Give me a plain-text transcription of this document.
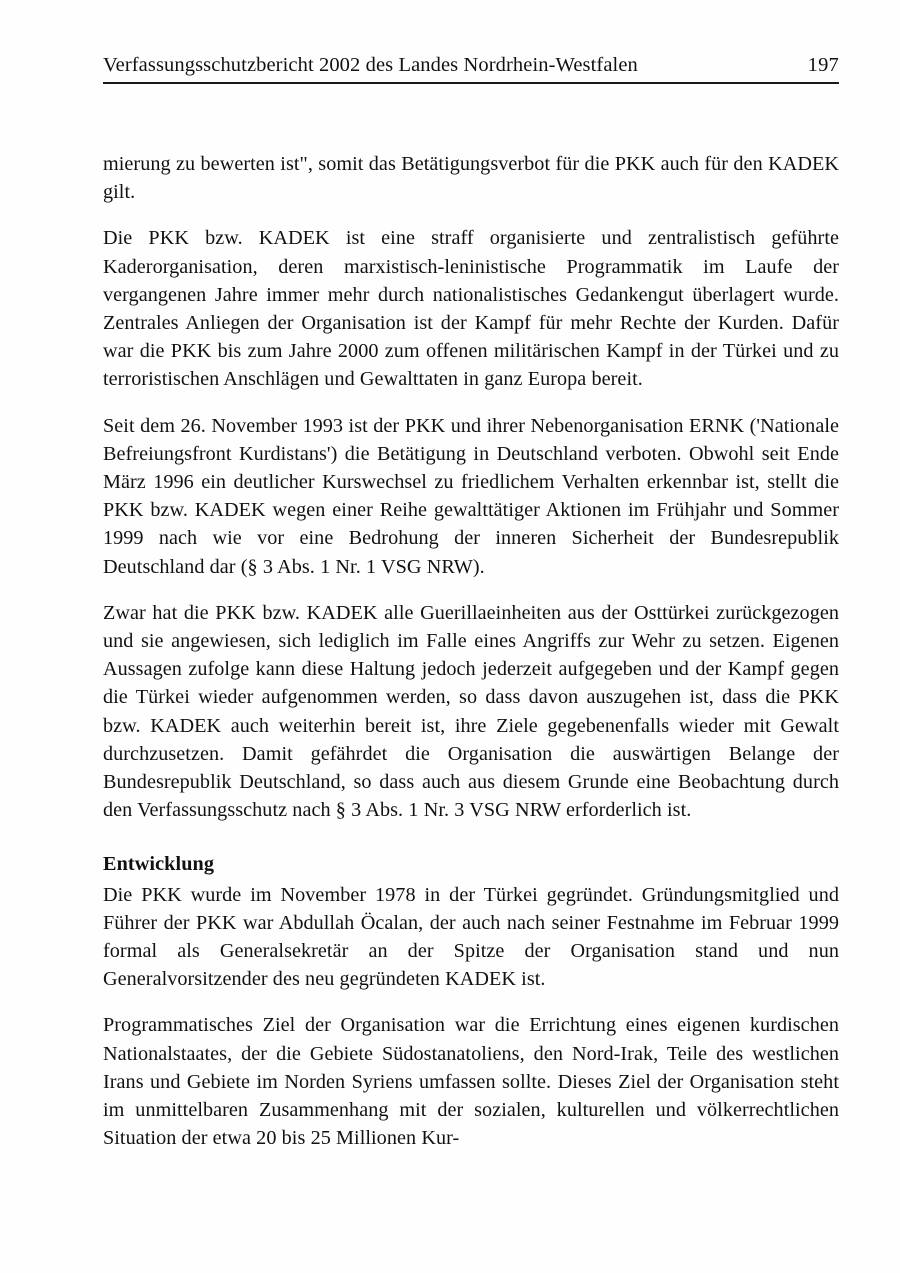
Verfassungsschutzbericht 2002 des Landes Nordrhein-Westfalen	197

mierung zu bewerten ist", somit das Betätigungsverbot für die PKK auch für den KADEK gilt.

Die PKK bzw. KADEK ist eine straff organisierte und zentralistisch geführte Kaderorganisation, deren marxistisch-leninistische Programmatik im Laufe der vergangenen Jahre immer mehr durch nationalistisches Gedankengut überlagert wurde. Zentrales Anliegen der Organisation ist der Kampf für mehr Rechte der Kurden. Dafür war die PKK bis zum Jahre 2000 zum offenen militärischen Kampf in der Türkei und zu terroristischen Anschlägen und Gewalttaten in ganz Europa bereit.

Seit dem 26. November 1993 ist der PKK und ihrer Nebenorganisation ERNK ('Nationale Befreiungsfront Kurdistans') die Betätigung in Deutschland verboten. Obwohl seit Ende März 1996 ein deutlicher Kurswechsel zu friedlichem Verhalten erkennbar ist, stellt die PKK bzw. KADEK wegen einer Reihe gewalttätiger Aktionen im Frühjahr und Sommer 1999 nach wie vor eine Bedrohung der inneren Sicherheit der Bundesrepublik Deutschland dar (§ 3 Abs. 1 Nr. 1 VSG NRW).

Zwar hat die PKK bzw. KADEK alle Guerillaeinheiten aus der Osttürkei zurückgezogen und sie angewiesen, sich lediglich im Falle eines Angriffs zur Wehr zu setzen. Eigenen Aussagen zufolge kann diese Haltung jedoch jederzeit aufgegeben und der Kampf gegen die Türkei wieder aufgenommen werden, so dass davon auszugehen ist, dass die PKK bzw. KADEK auch weiterhin bereit ist, ihre Ziele gegebenenfalls wieder mit Gewalt durchzusetzen. Damit gefährdet die Organisation die auswärtigen Belange der Bundesrepublik Deutschland, so dass auch aus diesem Grunde eine Beobachtung durch den Verfassungsschutz nach § 3 Abs. 1 Nr. 3 VSG NRW erforderlich ist.

Entwicklung

Die PKK wurde im November 1978 in der Türkei gegründet. Gründungsmitglied und Führer der PKK war Abdullah Öcalan, der auch nach seiner Festnahme im Februar 1999 formal als Generalsekretär an der Spitze der Organisation stand und nun Generalvorsitzender des neu gegründeten KADEK ist.

Programmatisches Ziel der Organisation war die Errichtung eines eigenen kurdischen Nationalstaates, der die Gebiete Südostanatoliens, den Nord-Irak, Teile des westlichen Irans und Gebiete im Norden Syriens umfassen sollte. Dieses Ziel der Organisation steht im unmittelbaren Zusammenhang mit der sozialen, kulturellen und völkerrechtlichen Situation der etwa 20 bis 25 Millionen Kur-
